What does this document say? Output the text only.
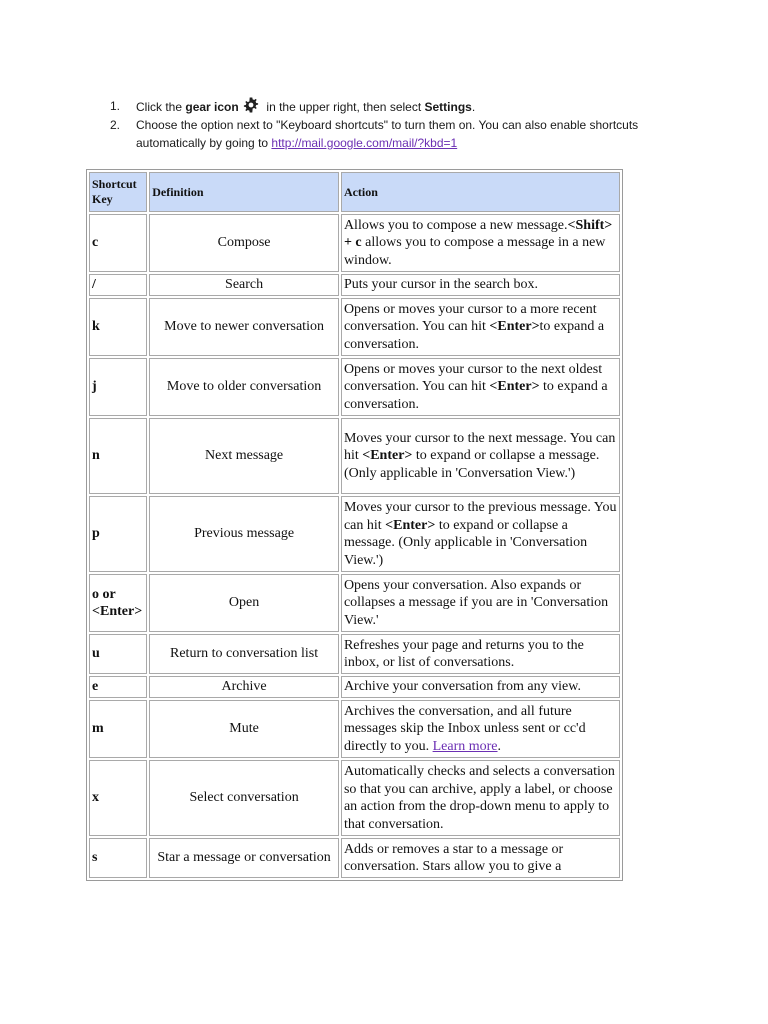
1.	Click the gear icon  in the upper right, then select Settings.
2.	Choose the option next to "Keyboard shortcuts" to turn them on. You can also enable shortcuts automatically by going to http://mail.google.com/mail/?kbd=1
Shortcut Key	Definition	Action
c	Compose	Allows you to compose a new message.<Shift> + c allows you to compose a message in a new window.
/	Search	Puts your cursor in the search box.
k	Move to newer conversation	Opens or moves your cursor to a more recent conversation. You can hit <Enter>to expand a conversation.
j	Move to older conversation	Opens or moves your cursor to the next oldest conversation. You can hit <Enter> to expand a conversation.
n	Next message	Moves your cursor to the next message. You can hit <Enter> to expand or collapse a message. (Only applicable in 'Conversation View.')
p	Previous message	Moves your cursor to the previous message. You can hit <Enter> to expand or collapse a message. (Only applicable in 'Conversation View.')
o or <Enter>	Open	Opens your conversation. Also expands or collapses a message if you are in 'Conversation View.'
u	Return to conversation list	Refreshes your page and returns you to the inbox, or list of conversations.
e	Archive	Archive your conversation from any view.
m	Mute	Archives the conversation, and all future messages skip the Inbox unless sent or cc'd directly to you. Learn more.
x	Select conversation	Automatically checks and selects a conversation so that you can archive, apply a label, or choose an action from the drop-down menu to apply to that conversation.
s	Star a message or conversation	Adds or removes a star to a message or conversation. Stars allow you to give a
